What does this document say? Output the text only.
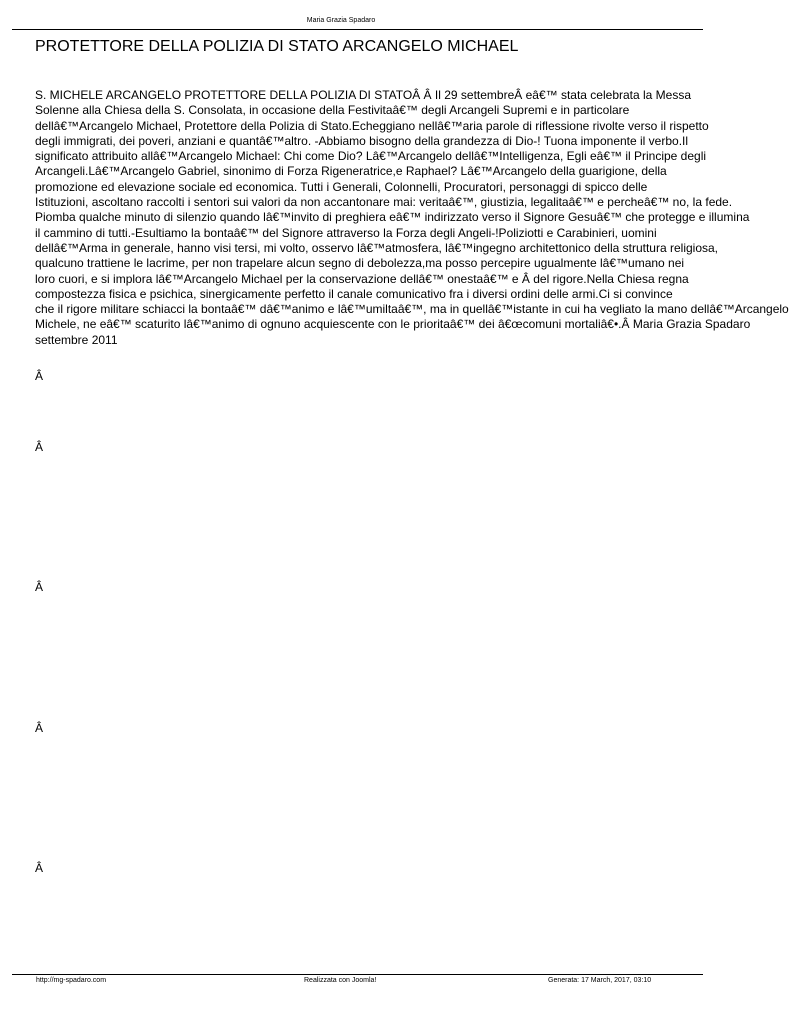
Maria Grazia Spadaro
PROTETTORE DELLA POLIZIA DI STATO ARCANGELO MICHAEL
S. MICHELE ARCANGELO PROTETTORE DELLA POLIZIA DI STATOÂ Â Il 29 settembreÂ eâ€™ stata celebrata la Messa
Solenne alla Chiesa della S. Consolata, in occasione della Festivitaâ€™ degli Arcangeli Supremi e in particolare
dellâ€™Arcangelo Michael, Protettore della Polizia di Stato.Echeggiano nellâ€™aria parole di riflessione rivolte verso il rispetto
degli immigrati, dei poveri, anziani e quantâ€™altro. -Abbiamo bisogno della grandezza di Dio-! Tuona imponente il verbo.Il
significato attribuito allâ€™Arcangelo Michael: Chi come Dio? Lâ€™Arcangelo dellâ€™Intelligenza, Egli eâ€™ il Principe degli
Arcangeli.Lâ€™Arcangelo Gabriel, sinonimo di Forza Rigeneratrice,e Raphael? Lâ€™Arcangelo della guarigione, della
promozione ed elevazione sociale ed economica. Tutti i Generali, Colonnelli, Procuratori, personaggi di spicco delle
Istituzioni, ascoltano raccolti i sentori sui valori da non accantonare mai: veritaâ€™, giustizia, legalitaâ€™ e percheâ€™ no, la fede.
Piomba qualche minuto di silenzio quando lâ€™invito di preghiera eâ€™ indirizzato verso il Signore Gesuâ€™ che protegge e illumina
il cammino di tutti.-Esultiamo la bontaâ€™ del Signore attraverso la Forza degli Angeli-!Poliziotti e Carabinieri, uomini
dellâ€™Arma in generale, hanno visi tersi, mi volto, osservo lâ€™atmosfera, lâ€™ingegno architettonico della struttura religiosa,
qualcuno trattiene le lacrime, per non trapelare alcun segno di debolezza,ma posso percepire ugualmente lâ€™umano nei
loro cuori, e si implora lâ€™Arcangelo Michael per la conservazione dellâ€™ onestaâ€™ e Â del rigore.Nella Chiesa regna
compostezza fisica e psichica, sinergicamente perfetto il canale comunicativo fra i diversi ordini delle armi.Ci si convince
che il rigore militare schiacci la bontaâ€™ dâ€™animo e lâ€™umiltaâ€™, ma in quellâ€™istante in cui ha vegliato la mano dellâ€™Arcangelo
Michele, ne eâ€™ scaturito lâ€™animo di ognuno acquiescente con le prioritaâ€™ dei â€œcomuni mortaliâ€•.Â Maria Grazia Spadaro
settembre 2011
Â
Â
Â
Â
Â
http://mg-spadaro.com	Realizzata con Joomla!	Generata: 17 March, 2017, 03:10
